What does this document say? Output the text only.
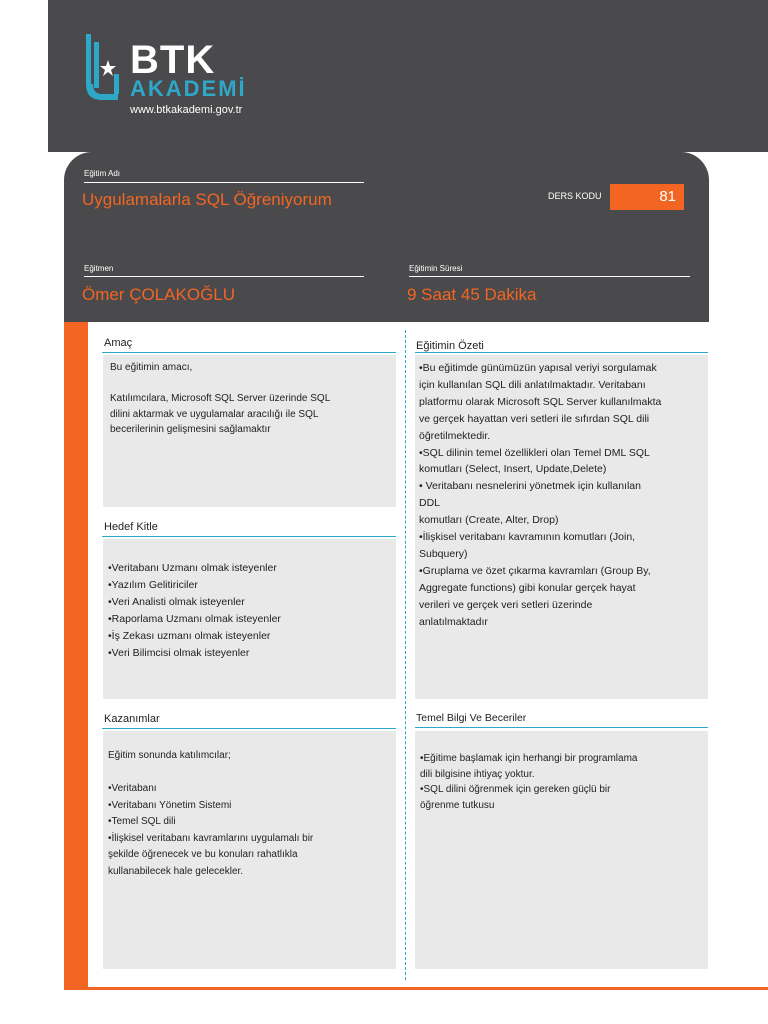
BTK
AKADEMİ
www.btkakademi.gov.tr
Eğitim Adı
Uygulamalarla SQL Öğreniyorum	DERS KODU	81
Eğitmen
Ömer ÇOLAKOĞLU
Eğitimin Süresi
9 Saat 45 Dakika
Amaç
Bu eğitimin amacı,

Katılımcılara, Microsoft SQL Server üzerinde SQL
dilini aktarmak ve uygulamalar aracılığı ile SQL
becerilerinin gelişmesini sağlamaktır
Hedef Kitle
•Veritabanı Uzmanı olmak isteyenler
•Yazılım Gelitiriciler
•Veri Analisti olmak isteyenler
•Raporlama Uzmanı olmak isteyenler
•İş Zekası uzmanı olmak isteyenler
•Veri Bilimcisi olmak isteyenler
Kazanımlar
Eğitim sonunda katılımcılar;

•Veritabanı
•Veritabanı Yönetim Sistemi
•Temel SQL dili
•İlişkisel veritabanı kavramlarını uygulamalı bir
şekilde öğrenecek ve bu konuları rahatlıkla
kullanabilecek hale gelecekler.
Eğitimin Özeti
•Bu eğitimde günümüzün yapısal veriyi sorgulamak
için kullanılan SQL dili anlatılmaktadır. Veritabanı
platformu olarak Microsoft SQL Server kullanılmakta
ve gerçek hayattan veri setleri ile sıfırdan SQL dili
öğretilmektedir.
•SQL dilinin temel özellikleri olan Temel DML SQL
komutları (Select, Insert, Update,Delete)
• Veritabanı nesnelerini yönetmek için kullanılan
DDL
komutları (Create, Alter, Drop)
•İlişkisel veritabanı kavramının komutları (Join,
Subquery)
•Gruplama ve özet çıkarma kavramları (Group By,
Aggregate functions) gibi konular gerçek hayat
verileri ve gerçek veri setleri üzerinde
anlatılmaktadır
Temel Bilgi Ve Beceriler
•Eğitime başlamak için herhangi bir programlama
dili bilgisine ihtiyaç yoktur.
•SQL dilini öğrenmek için gereken güçlü bir
öğrenme tutkusu
